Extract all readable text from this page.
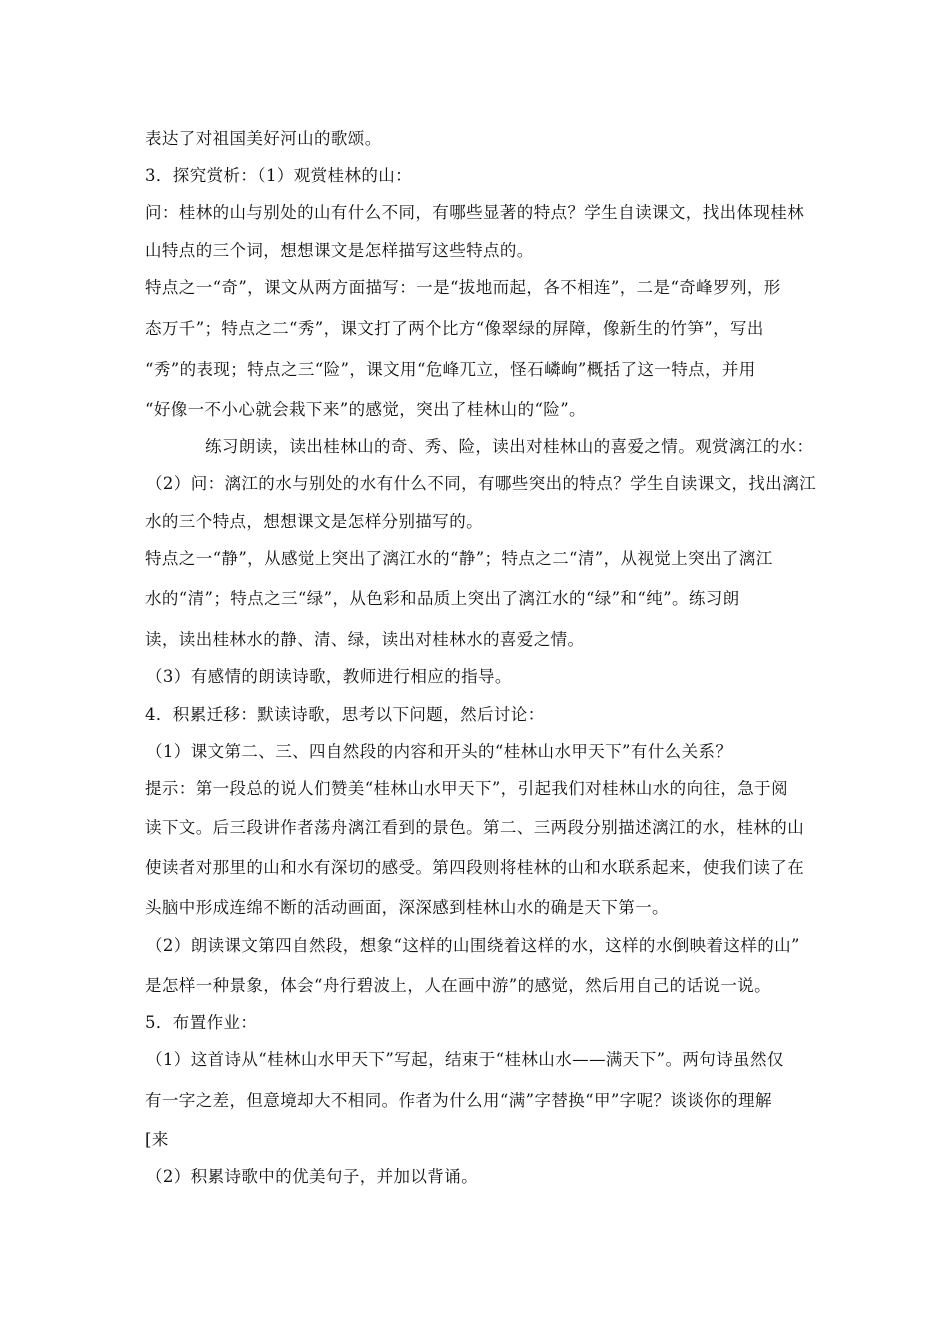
表达了对祖国美好河山的歌颂。
3．探究赏析：（1）观赏桂林的山：
问：桂林的山与别处的山有什么不同，有哪些显著的特点？学生自读课文，找出体现桂林
山特点的三个词，想想课文是怎样描写这些特点的。
特点之一“奇”，课文从两方面描写：一是“拔地而起，各不相连”，二是“奇峰罗列，形
态万千”；特点之二“秀”，课文打了两个比方“像翠绿的屏障，像新生的竹笋”，写出
“秀”的表现；特点之三“险”，课文用“危峰兀立，怪石嶙峋”概括了这一特点，并用
“好像一不小心就会栽下来”的感觉，突出了桂林山的“险”。
练习朗读，读出桂林山的奇、秀、险，读出对桂林山的喜爱之情。观赏漓江的水：
（2）问：漓江的水与别处的水有什么不同，有哪些突出的特点？学生自读课文，找出漓江
水的三个特点，想想课文是怎样分别描写的。
特点之一“静”，从感觉上突出了漓江水的“静”；特点之二“清”，从视觉上突出了漓江
水的“清”；特点之三“绿”，从色彩和品质上突出了漓江水的“绿”和“纯”。练习朗
读，读出桂林水的静、清、绿，读出对桂林水的喜爱之情。
（3）有感情的朗读诗歌，教师进行相应的指导。
4．积累迁移：默读诗歌，思考以下问题，然后讨论：
（1）课文第二、三、四自然段的内容和开头的“桂林山水甲天下”有什么关系？
提示：第一段总的说人们赞美“桂林山水甲天下”，引起我们对桂林山水的向往，急于阅
读下文。后三段讲作者荡舟漓江看到的景色。第二、三两段分别描述漓江的水，桂林的山
使读者对那里的山和水有深切的感受。第四段则将桂林的山和水联系起来，使我们读了在
头脑中形成连绵不断的活动画面，深深感到桂林山水的确是天下第一。
（2）朗读课文第四自然段，想象“这样的山围绕着这样的水，这样的水倒映着这样的山”
是怎样一种景象，体会“舟行碧波上，人在画中游”的感觉，然后用自己的话说一说。
5．布置作业：
（1）这首诗从“桂林山水甲天下”写起，结束于“桂林山水——满天下”。两句诗虽然仅
有一字之差，但意境却大不相同。作者为什么用“满”字替换“甲”字呢？谈谈你的理解
[来
（2）积累诗歌中的优美句子，并加以背诵。
